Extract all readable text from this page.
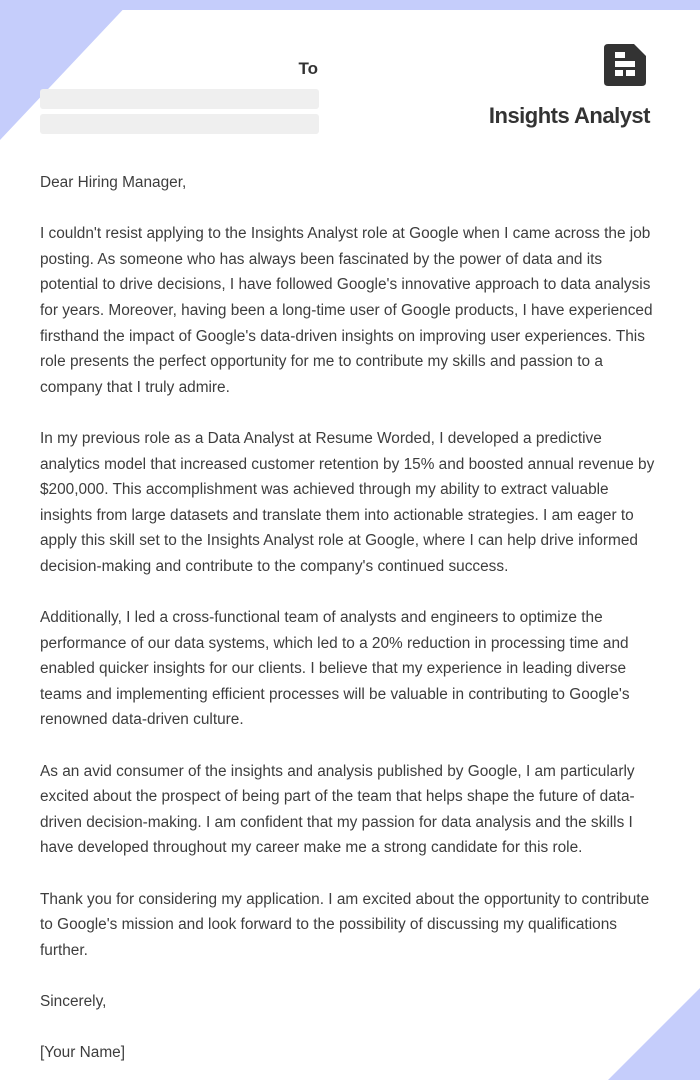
To
Insights Analyst

Dear Hiring Manager,

I couldn't resist applying to the Insights Analyst role at Google when I came across the job posting. As someone who has always been fascinated by the power of data and its potential to drive decisions, I have followed Google's innovative approach to data analysis for years. Moreover, having been a long-time user of Google products, I have experienced firsthand the impact of Google's data-driven insights on improving user experiences. This role presents the perfect opportunity for me to contribute my skills and passion to a company that I truly admire.

In my previous role as a Data Analyst at Resume Worded, I developed a predictive analytics model that increased customer retention by 15% and boosted annual revenue by $200,000. This accomplishment was achieved through my ability to extract valuable insights from large datasets and translate them into actionable strategies. I am eager to apply this skill set to the Insights Analyst role at Google, where I can help drive informed decision-making and contribute to the company's continued success.

Additionally, I led a cross-functional team of analysts and engineers to optimize the performance of our data systems, which led to a 20% reduction in processing time and enabled quicker insights for our clients. I believe that my experience in leading diverse teams and implementing efficient processes will be valuable in contributing to Google's renowned data-driven culture.

As an avid consumer of the insights and analysis published by Google, I am particularly excited about the prospect of being part of the team that helps shape the future of data-driven decision-making. I am confident that my passion for data analysis and the skills I have developed throughout my career make me a strong candidate for this role.

Thank you for considering my application. I am excited about the opportunity to contribute to Google's mission and look forward to the possibility of discussing my qualifications further.

Sincerely,

[Your Name]
